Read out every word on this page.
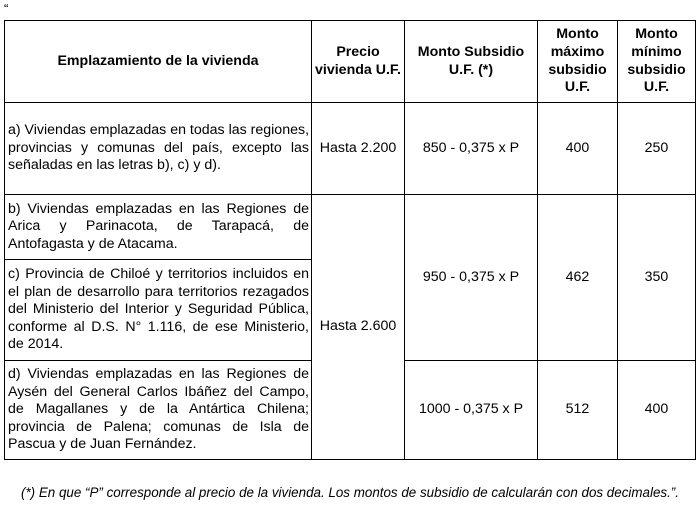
“
Emplazamiento de la vivienda	Precio vivienda U.F.	Monto Subsidio U.F. (*)	Monto máximo subsidio U.F.	Monto mínimo subsidio U.F.
a) Viviendas emplazadas en todas las regiones, provincias y comunas del país, excepto las señaladas en las letras b), c) y d).	Hasta 2.200	850 - 0,375 x P	400	250
b) Viviendas emplazadas en las Regiones de Arica y Parinacota, de Tarapacá, de Antofagasta y de Atacama.	Hasta 2.600	950 - 0,375 x P	462	350
c) Provincia de Chiloé y territorios incluidos en el plan de desarrollo para territorios rezagados del Ministerio del Interior y Seguridad Pública, conforme al D.S. N° 1.116, de ese Ministerio, de 2014.				
d) Viviendas emplazadas en las Regiones de Aysén del General Carlos Ibáñez del Campo, de Magallanes y de la Antártica Chilena; provincia de Palena; comunas de Isla de Pascua y de Juan Fernández.		1000 - 0,375 x P	512	400
(*) En que “P” corresponde al precio de la vivienda. Los montos de subsidio de calcularán con dos decimales.”.
